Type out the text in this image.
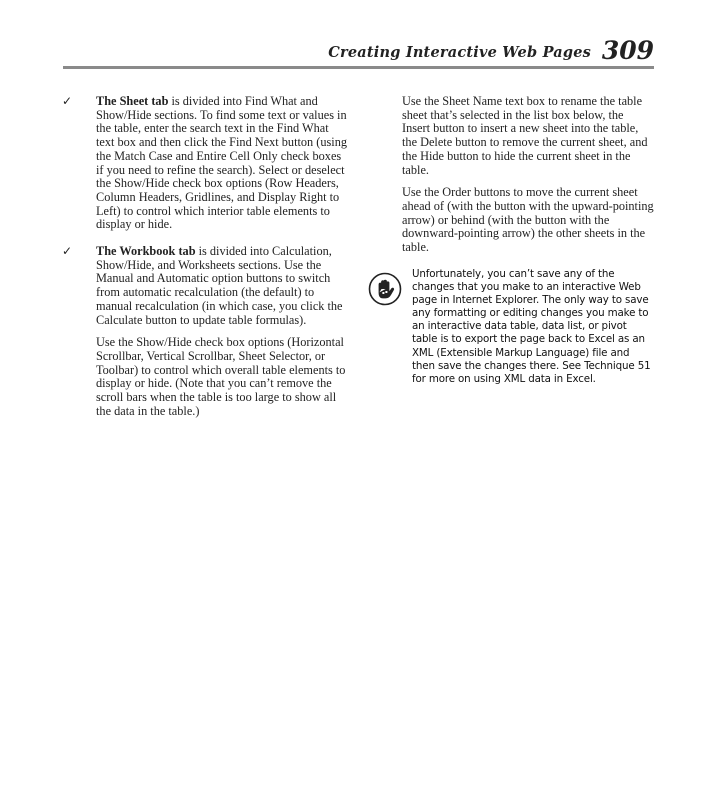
Creating Interactive Web Pages 309
✓	The Sheet tab is divided into Find What and Show/Hide sections. To find some text or values in the table, enter the search text in the Find What text box and then click the Find Next button (using the Match Case and Entire Cell Only check boxes if you need to refine the search). Select or deselect the Show/Hide check box options (Row Headers, Column Headers, Gridlines, and Display Right to Left) to control which interior table elements to display or hide.

✓	The Workbook tab is divided into Calculation, Show/Hide, and Worksheets sections. Use the Manual and Automatic option buttons to switch from automatic recalculation (the default) to manual recalculation (in which case, you click the Calculate button to update table formulas).

Use the Show/Hide check box options (Horizontal Scrollbar, Vertical Scrollbar, Sheet Selector, or Toolbar) to control which overall table elements to display or hide. (Note that you can’t remove the scroll bars when the table is too large to show all the data in the table.)

Use the Sheet Name text box to rename the table sheet that’s selected in the list box below, the Insert button to insert a new sheet into the table, the Delete button to remove the current sheet, and the Hide button to hide the current sheet in the table.

Use the Order buttons to move the current sheet ahead of (with the button with the upward-pointing arrow) or behind (with the button with the downward-pointing arrow) the other sheets in the table.

Unfortunately, you can’t save any of the changes that you make to an interactive Web page in Internet Explorer. The only way to save any formatting or editing changes you make to an interactive data table, data list, or pivot table is to export the page back to Excel as an XML (Extensible Markup Language) file and then save the changes there. See Technique 51 for more on using XML data in Excel.
